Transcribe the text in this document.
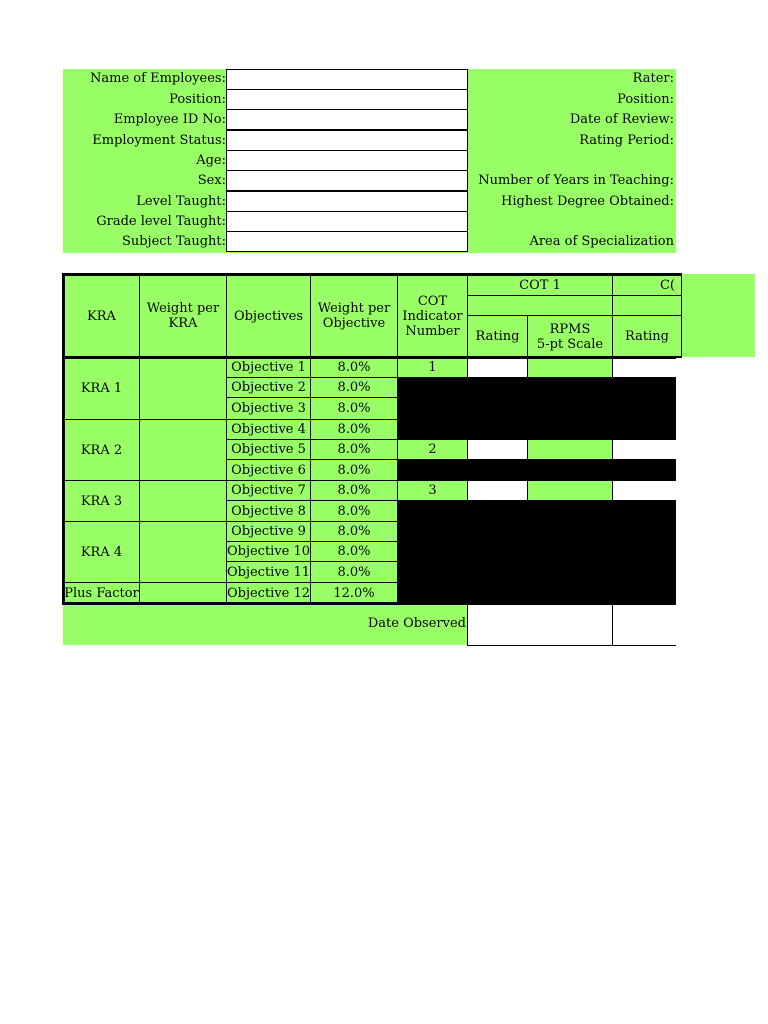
Name of Employees:
Position:
Employee ID No:
Employment Status:
Age:
Sex:
Level Taught:
Grade level Taught:
Subject Taught:
Rater:
Position:
Date of Review:
Rating Period:
Number of Years in Teaching:
Highest Degree Obtained:
Area of Specialization
KRA Weight per
KRA	Objectives Weight per
Objective
COT
Indicator
Number
COT 1
Rating RPMS
5-pt Scale
C(
Rating
KRA 1
KRA 2
KRA 3
KRA 4
Plus Factor
Objective 1
Objective 2
Objective 3
Objective 4
Objective 5
Objective 6
Objective 7
Objective 8
Objective 9
Objective 10
Objective 11
Objective 12
8.0%
8.0%
8.0%
8.0%
8.0%
8.0%
8.0%
8.0%
8.0%
8.0%
8.0%
12.0%
1
2
3
Date Observed
